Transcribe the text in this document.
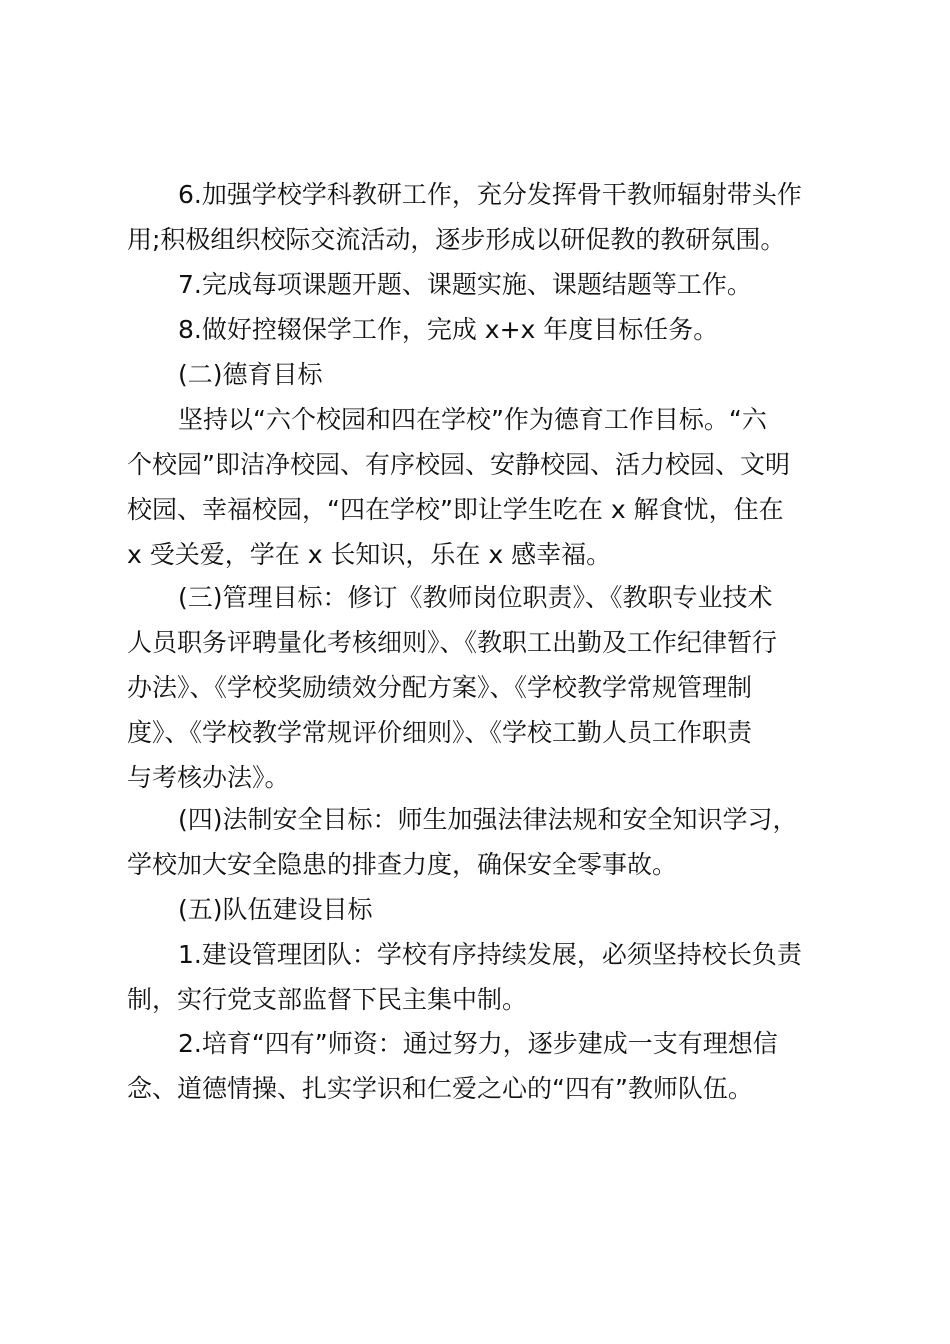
6.加强学校学科教研工作，充分发挥骨干教师辐射带头作
用;积极组织校际交流活动，逐步形成以研促教的教研氛围。

7.完成每项课题开题、课题实施、课题结题等工作。

8.做好控辍保学工作，完成 x+x 年度目标任务。

(二)德育目标

坚持以“六个校园和四在学校”作为德育工作目标。“六
个校园”即洁净校园、有序校园、安静校园、活力校园、文明
校园、幸福校园，“四在学校”即让学生吃在 x 解食忧，住在
x 受关爱，学在 x 长知识，乐在 x 感幸福。

(三)管理目标：修订《教师岗位职责》、《教职专业技术
人员职务评聘量化考核细则》、《教职工出勤及工作纪律暂行
办法》、《学校奖励绩效分配方案》、《学校教学常规管理制
度》、《学校教学常规评价细则》、《学校工勤人员工作职责
与考核办法》。

(四)法制安全目标：师生加强法律法规和安全知识学习，
学校加大安全隐患的排查力度，确保安全零事故。

(五)队伍建设目标

1.建设管理团队：学校有序持续发展，必须坚持校长负责
制，实行党支部监督下民主集中制。

2.培育“四有”师资：通过努力，逐步建成一支有理想信
念、道德情操、扎实学识和仁爱之心的“四有”教师队伍。
